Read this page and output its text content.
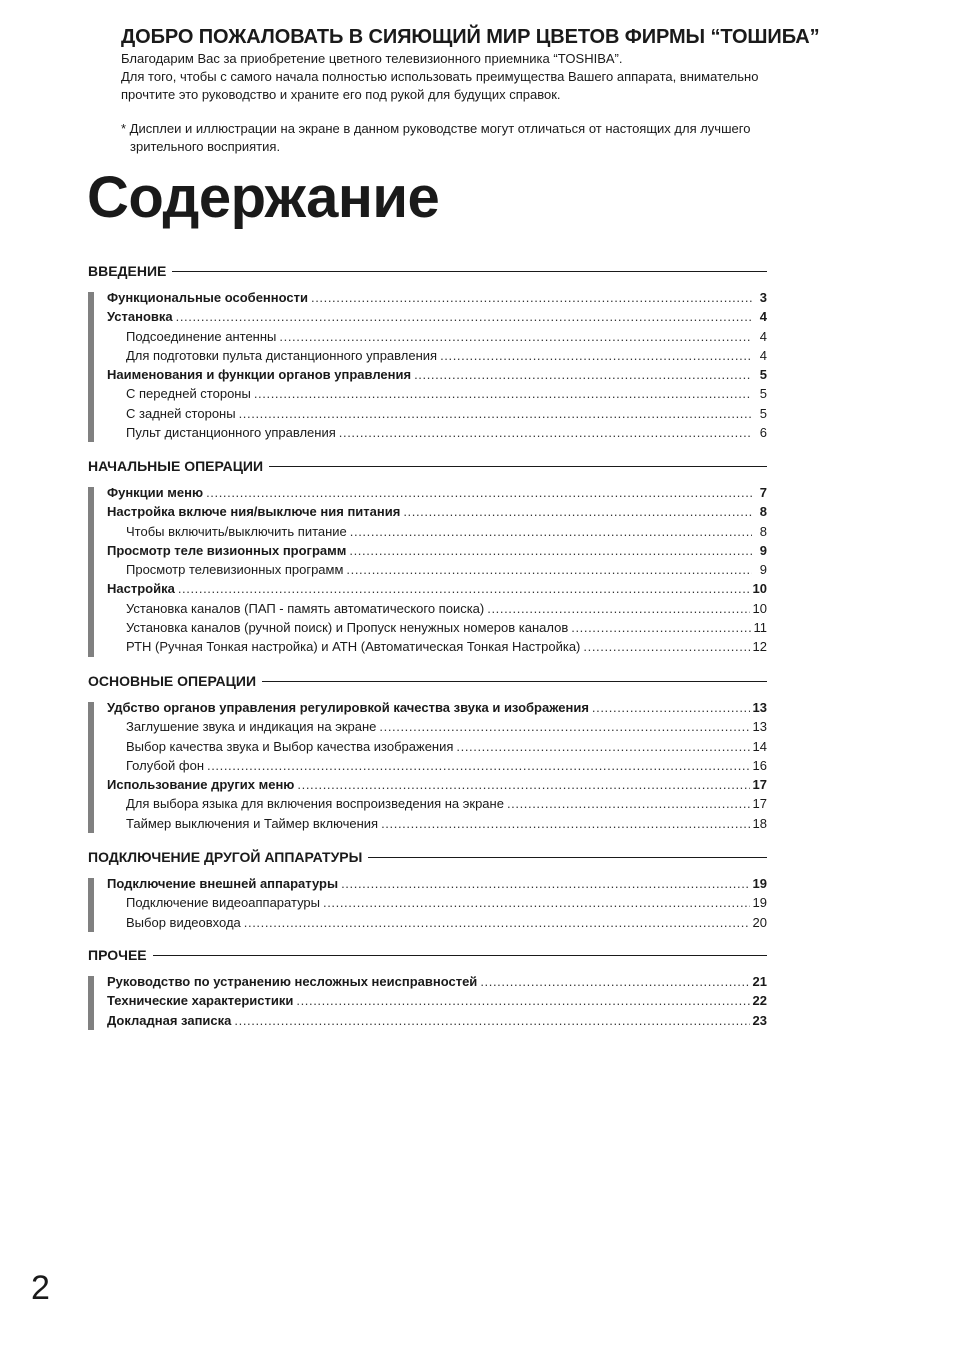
ДОБРО ПОЖАЛОВАТЬ В СИЯЮЩИЙ МИР ЦВЕТОВ ФИРМЫ “ТОШИБА”

Благодарим Вас за приобретение цветного телевизионного приемника “TOSHIBA”.

Для того, чтобы с самого начала полностью использовать преимущества Вашего аппарата, внимательно

прочтите это руководство и храните его под рукой для будущих справок.

* Дисплеи и иллюстрации на экране в данном руководстве могут отличаться от настоящих для лучшего

зрительного восприятия.

Содержание
ВВЕДЕНИЕ
Функциональные особенности .....	3
Установка .....	4
Подсоединение антенны .....	4
Для подготовки пульта дистанционного управления .....	4
Наименования и функции органов управления .....	5
С передней стороны .....	5
С задней стороны .....	5
Пульт дистанционного управления .....	6
НАЧАЛЬНЫЕ ОПЕРАЦИИ
Функции меню .....	7
Настройка включе ния/выключе ния питания .....	8
Чтобы включить/выключить питание .....	8
Просмотр теле визионных программ .....	9
Просмотр телевизионных программ .....	9
Настройка .....	10
Установка каналов (ПАП - память автоматического поиска) .....	10
Установка каналов (ручной поиск) и Пропуск ненужных номеров каналов .....	11
РТН (Ручная Тонкая настройка) и АТН (Автоматическая Тонкая Настройка) .....	12
ОСНОВНЫЕ ОПЕРАЦИИ
Удбство органов управления регулировкой качества звука и изображения .....	13
Заглушение звука и индикация на экране .....	13
Выбор качества звука и Выбор качества изображения .....	14
Голубой фон .....	16
Использование других меню .....	17
Для выбора языка для включения воспроизведения на экране .....	17
Таймер выключения и Таймер включения .....	18
ПОДКЛЮЧЕНИЕ ДРУГОЙ АППАРАТУРЫ
Подключение внешней аппаратуры .....	19
Подключение видеоаппаратуры .....	19
Выбор видеовхода .....	20
ПРОЧЕЕ
Руководство по устранению несложных неисправностей .....	21
Технические характеристики .....	22
Докладная записка .....	23
2
